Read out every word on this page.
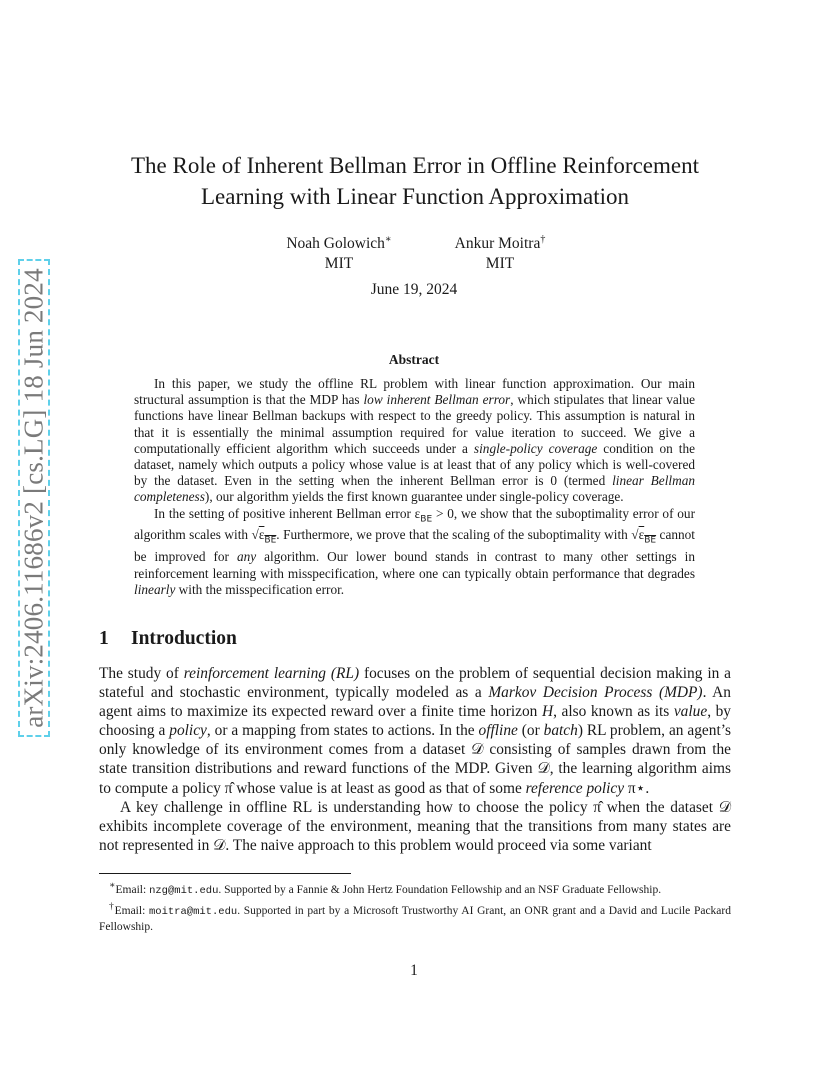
arXiv:2406.11686v2 [cs.LG] 18 Jun 2024
The Role of Inherent Bellman Error in Offline Reinforcement
Learning with Linear Function Approximation
Noah Golowich∗
MIT
Ankur Moitra†
MIT
June 19, 2024
Abstract

In this paper, we study the offline RL problem with linear function approximation. Our main structural assumption is that the MDP has low inherent Bellman error, which stipulates that linear value functions have linear Bellman backups with respect to the greedy policy. This assumption is natural in that it is essentially the minimal assumption required for value iteration to succeed. We give a computationally efficient algorithm which succeeds under a single-policy coverage condition on the dataset, namely which outputs a policy whose value is at least that of any policy which is well-covered by the dataset. Even in the setting when the inherent Bellman error is 0 (termed linear Bellman completeness), our algorithm yields the first known guarantee under single-policy coverage.

In the setting of positive inherent Bellman error $\varepsilon_{BE} > 0$, we show that the suboptimality error of our algorithm scales with $√\varepsilon_{BE}$. Furthermore, we prove that the scaling of the suboptimality with $√\varepsilon_{BE}$ cannot be improved for any algorithm. Our lower bound stands in contrast to many other settings in reinforcement learning with misspecification, where one can typically obtain performance that degrades linearly with the misspecification error.

1 Introduction

The study of reinforcement learning (RL) focuses on the problem of sequential decision making in a stateful and stochastic environment, typically modeled as a Markov Decision Process (MDP). An agent aims to maximize its expected reward over a finite time horizon H, also known as its value, by choosing a policy, or a mapping from states to actions. In the offline (or batch) RL problem, an agent’s only knowledge of its environment comes from a dataset 𝒟 consisting of samples drawn from the state transition distributions and reward functions of the MDP. Given 𝒟, the learning algorithm aims to compute a policy π̂ whose value is at least as good as that of some reference policy π⋆.

A key challenge in offline RL is understanding how to choose the policy π̂ when the dataset 𝒟 exhibits incomplete coverage of the environment, meaning that the transitions from many states are not represented in 𝒟. The naive approach to this problem would proceed via some variant

∗Email: nzg@mit.edu. Supported by a Fannie & John Hertz Foundation Fellowship and an NSF Graduate Fellowship.

†Email: moitra@mit.edu. Supported in part by a Microsoft Trustworthy AI Grant, an ONR grant and a David and Lucile Packard Fellowship.

1
